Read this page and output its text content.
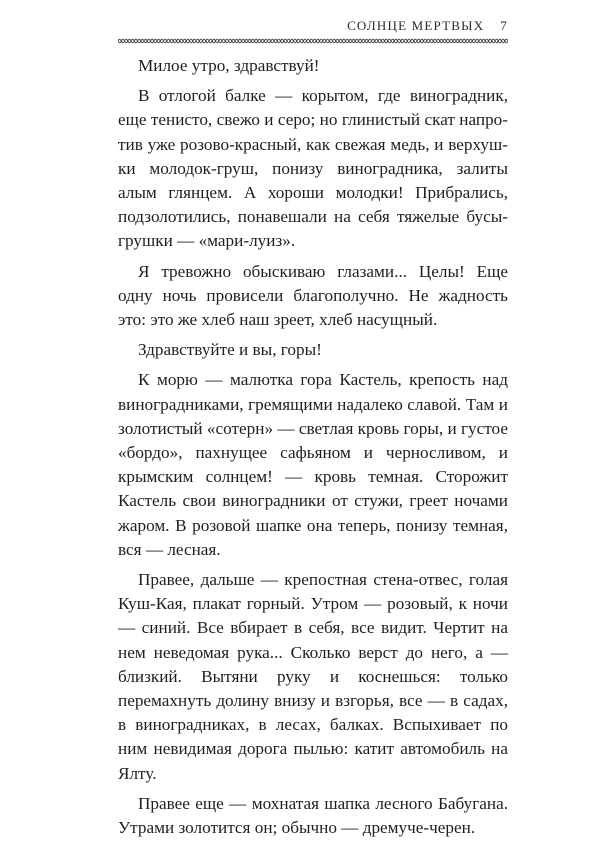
СОЛНЦЕ МЕРТВЫХ 7

Милое утро, здравствуй!

В отлогой балке — корытом, где виноградник, еще тенисто, свежо и серо; но глинистый скат напротив уже розово-красный, как свежая медь, и верхушки молодок-груш, понизу виноградника, залиты алым глянцем. А хороши молодки! Прибрались, подзолотились, понавешали на себя тяжелые бусы-грушки — «мари-луиз».

Я тревожно обыскиваю глазами... Целы! Еще одну ночь провисели благополучно. Не жадность это: это же хлеб наш зреет, хлеб насущный.

Здравствуйте и вы, горы!

К морю — малютка гора Кастель, крепость над виноградниками, гремящими надалеко славой. Там и золотистый «сотерн» — светлая кровь горы, и густое «бордо», пахнущее сафьяном и черносливом, и крымским солнцем! — кровь темная. Сторожит Кастель свои виноградники от стужи, греет ночами жаром. В розовой шапке она теперь, понизу темная, вся — лесная.

Правее, дальше — крепостная стена-отвес, голая Куш-Кая, плакат горный. Утром — розовый, к ночи — синий. Все вбирает в себя, все видит. Чертит на нем неведомая рука... Сколько верст до него, а — близкий. Вытяни руку и коснешься: только перемахнуть долину внизу и взгорья, все — в садах, в виноградниках, в лесах, балках. Вспыхивает по ним невидимая дорога пылью: катит автомобиль на Ялту.

Правее еще — мохнатая шапка лесного Бабугана. Утрами золотится он; обычно — дремуче-черен.
